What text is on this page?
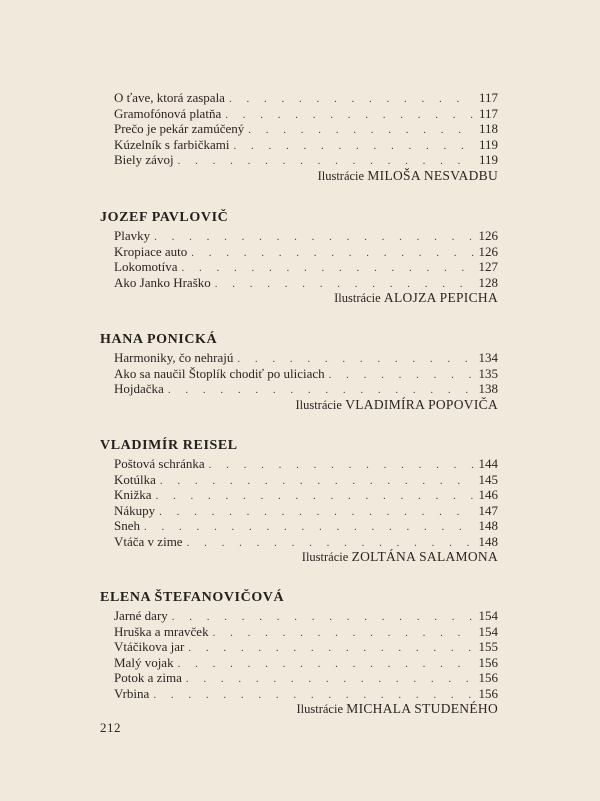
212
O ťave, ktorá zaspala . . .	117
Gramofónová platňa . . .	117
Prečo je pekár zamúčený . . .	118
Kúzelník s farbičkami . . .	119
Biely závoj . . .	119
Ilustrácie MILOŠA NESVADBU
JOZEF PAVLOVIČ
Plavky . . .	126
Kropiace auto . . .	126
Lokomotíva . . .	127
Ako Janko Hraško . . .	128
Ilustrácie ALOJZA PEPICHA
HANA PONICKÁ
Harmoniky, čo nehrajú . . .	134
Ako sa naučil Štoplík chodiť po uliciach . . .	135
Hojdačka . . .	138
Ilustrácie VLADIMÍRA POPOVIČA
VLADIMÍR REISEL
Poštová schránka . . .	144
Kotúlka . . .	145
Knižka . . .	146
Nákupy . . .	147
Sneh . . .	148
Vtáča v zime . . .	148
Ilustrácie ZOLTÁNA SALAMONA
ELENA ŠTEFANOVIČOVÁ
Jarné dary . . .	154
Hruška a mravček . . .	154
Vtáčikova jar . . .	155
Malý vojak . . .	156
Potok a zima . . .	156
Vrbina . . .	156
Ilustrácie MICHALA STUDENÉHO
